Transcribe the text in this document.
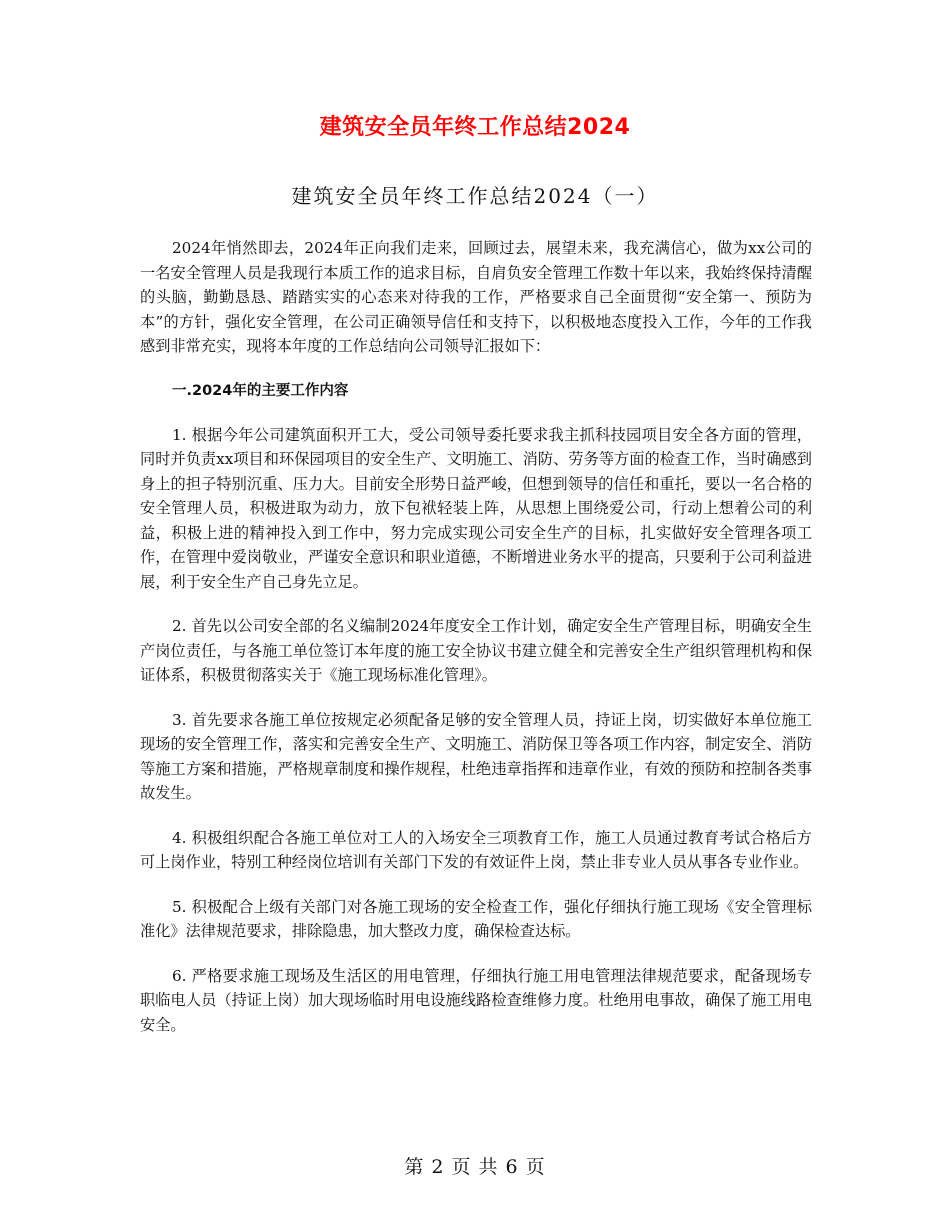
建筑安全员年终工作总结2024
建筑安全员年终工作总结2024（一）

2024年悄然即去，2024年正向我们走来，回顾过去，展望未来，我充满信心，做为xx公司的一名安全管理人员是我现行本质工作的追求目标，自肩负安全管理工作数十年以来，我始终保持清醒的头脑，勤勤恳恳、踏踏实实的心态来对待我的工作，严格要求自己全面贯彻“安全第一、预防为本”的方针，强化安全管理，在公司正确领导信任和支持下，以积极地态度投入工作，今年的工作我感到非常充实，现将本年度的工作总结向公司领导汇报如下：

一.2024年的主要工作内容

1. 根据今年公司建筑面积开工大，受公司领导委托要求我主抓科技园项目安全各方面的管理，同时并负责xx项目和环保园项目的安全生产、文明施工、消防、劳务等方面的检查工作，当时确感到身上的担子特别沉重、压力大。目前安全形势日益严峻，但想到领导的信任和重托，要以一名合格的安全管理人员，积极进取为动力，放下包袱轻装上阵，从思想上围绕爱公司，行动上想着公司的利益，积极上进的精神投入到工作中，努力完成实现公司安全生产的目标，扎实做好安全管理各项工作，在管理中爱岗敬业，严谨安全意识和职业道德，不断增进业务水平的提高，只要利于公司利益进展，利于安全生产自己身先立足。

2. 首先以公司安全部的名义编制2024年度安全工作计划，确定安全生产管理目标，明确安全生产岗位责任，与各施工单位签订本年度的施工安全协议书建立健全和完善安全生产组织管理机构和保证体系，积极贯彻落实关于《施工现场标准化管理》。

3. 首先要求各施工单位按规定必须配备足够的安全管理人员，持证上岗，切实做好本单位施工现场的安全管理工作，落实和完善安全生产、文明施工、消防保卫等各项工作内容，制定安全、消防等施工方案和措施，严格规章制度和操作规程，杜绝违章指挥和违章作业，有效的预防和控制各类事故发生。

4. 积极组织配合各施工单位对工人的入场安全三项教育工作，施工人员通过教育考试合格后方可上岗作业，特别工种经岗位培训有关部门下发的有效证件上岗，禁止非专业人员从事各专业作业。

5. 积极配合上级有关部门对各施工现场的安全检查工作，强化仔细执行施工现场《安全管理标准化》法律规范要求，排除隐患，加大整改力度，确保检查达标。

6. 严格要求施工现场及生活区的用电管理，仔细执行施工用电管理法律规范要求，配备现场专职临电人员（持证上岗）加大现场临时用电设施线路检查维修力度。杜绝用电事故，确保了施工用电安全。

第 2 页 共 6 页
